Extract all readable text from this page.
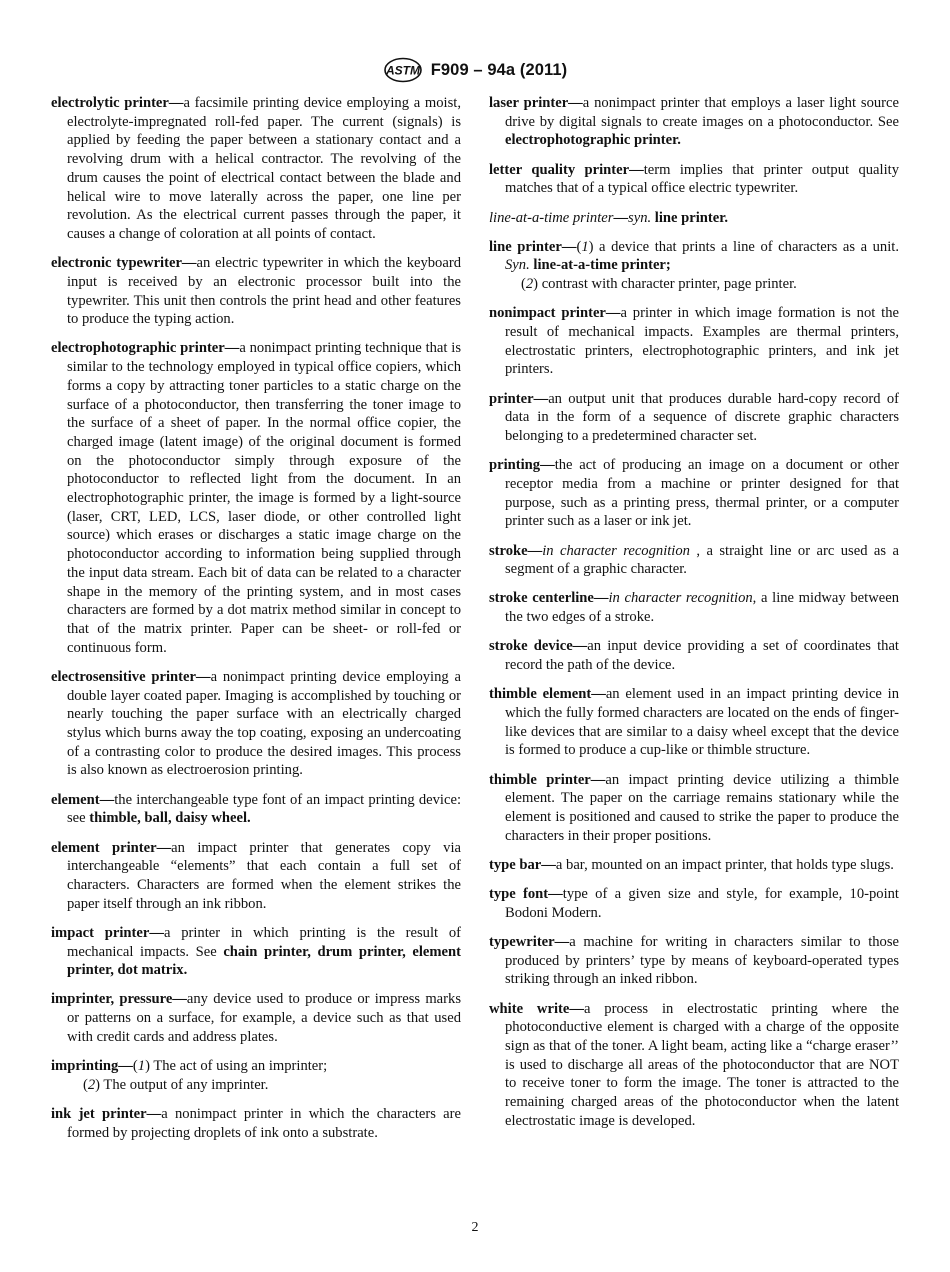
ASTM F909 – 94a (2011)

electrolytic printer—a facsimile printing device employing a moist, electrolyte-impregnated roll-fed paper. The current (signals) is applied by feeding the paper between a stationary contact and a revolving drum with a helical contractor. The revolving of the drum causes the point of electrical contact between the blade and helical wire to move laterally across the paper, one line per revolution. As the electrical current passes through the paper, it causes a change of coloration at all points of contact.

electronic typewriter—an electric typewriter in which the keyboard input is received by an electronic processor built into the typewriter. This unit then controls the print head and other features to produce the typing action.

electrophotographic printer—a nonimpact printing technique that is similar to the technology employed in typical office copiers, which forms a copy by attracting toner particles to a static charge on the surface of a photoconductor, then transferring the toner image to the surface of a sheet of paper. In the normal office copier, the charged image (latent image) of the original document is formed on the photoconductor simply through exposure of the photoconductor to reflected light from the document. In an electrophotographic printer, the image is formed by a light-source (laser, CRT, LED, LCS, laser diode, or other controlled light source) which erases or discharges a static image charge on the photoconductor according to information being supplied through the input data stream. Each bit of data can be related to a character shape in the memory of the printing system, and in most cases characters are formed by a dot matrix method similar in concept to that of the matrix printer. Paper can be sheet- or roll-fed or continuous form.

electrosensitive printer—a nonimpact printing device employing a double layer coated paper. Imaging is accomplished by touching or nearly touching the paper surface with an electrically charged stylus which burns away the top coating, exposing an undercoating of a contrasting color to produce the desired images. This process is also known as electroerosion printing.

element—the interchangeable type font of an impact printing device: see thimble, ball, daisy wheel.

element printer—an impact printer that generates copy via interchangeable “elements” that each contain a full set of characters. Characters are formed when the element strikes the paper itself through an ink ribbon.

impact printer—a printer in which printing is the result of mechanical impacts. See chain printer, drum printer, element printer, dot matrix.

imprinter, pressure—any device used to produce or impress marks or patterns on a surface, for example, a device such as that used with credit cards and address plates.

imprinting—(1) The act of using an imprinter;
(2) The output of any imprinter.

ink jet printer—a nonimpact printer in which the characters are formed by projecting droplets of ink onto a substrate.

laser printer—a nonimpact printer that employs a laser light source drive by digital signals to create images on a photoconductor. See electrophotographic printer.

letter quality printer—term implies that printer output quality matches that of a typical office electric typewriter.

line-at-a-time printer—syn. line printer.

line printer—(1) a device that prints a line of characters as a unit. Syn. line-at-a-time printer;
(2) contrast with character printer, page printer.

nonimpact printer—a printer in which image formation is not the result of mechanical impacts. Examples are thermal printers, electrostatic printers, electrophotographic printers, and ink jet printers.

printer—an output unit that produces durable hard-copy record of data in the form of a sequence of discrete graphic characters belonging to a predetermined character set.

printing—the act of producing an image on a document or other receptor media from a machine or printer designed for that purpose, such as a printing press, thermal printer, or a computer printer such as a laser or ink jet.

stroke—in character recognition , a straight line or arc used as a segment of a graphic character.

stroke centerline—in character recognition, a line midway between the two edges of a stroke.

stroke device—an input device providing a set of coordinates that record the path of the device.

thimble element—an element used in an impact printing device in which the fully formed characters are located on the ends of finger-like devices that are similar to a daisy wheel except that the device is formed to produce a cup-like or thimble structure.

thimble printer—an impact printing device utilizing a thimble element. The paper on the carriage remains stationary while the element is positioned and caused to strike the paper to produce the characters in their proper positions.

type bar—a bar, mounted on an impact printer, that holds type slugs.

type font—type of a given size and style, for example, 10-point Bodoni Modern.

typewriter—a machine for writing in characters similar to those produced by printers’ type by means of keyboard-operated types striking through an inked ribbon.

white write—a process in electrostatic printing where the photoconductive element is charged with a charge of the opposite sign as that of the toner. A light beam, acting like a “charge eraser’’ is used to discharge all areas of the photoconductor that are NOT to receive toner to form the image. The toner is attracted to the remaining charged areas of the photoconductor when the latent electrostatic image is developed.

2
